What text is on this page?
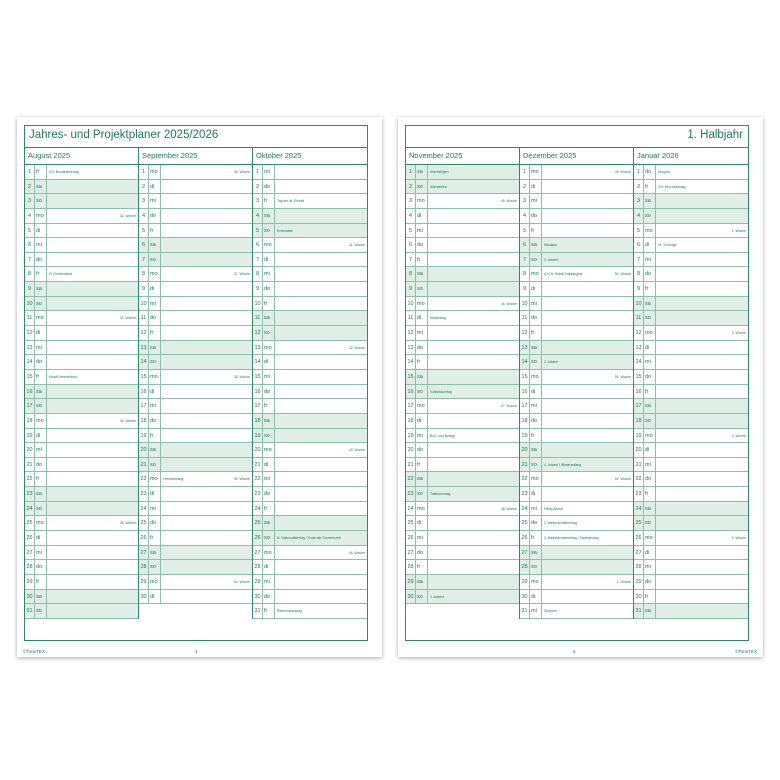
Jahres- und Projektplaner 2025/2026
August 2025
1 fr	CH: Bundesfeiertag
2 sa
3 so
4 mo	32. Woche
5 di
6 mi
7 do
8 fr	D: Friedensfest
9 sa
10 so
11 mo	33. Woche
12 di
13 mi
14 do
15 fr	Mariä Himmelfahrt
16 sa
17 so
18 mo	34. Woche
19 di
20 mi
21 do
22 fr
23 sa
24 so
25 mo	35. Woche
26 di
27 mi
28 do
29 fr
30 sa
31 so
September 2025
1 mo	36. Woche
2 di
3 mi
4 do
5 fr
6 sa
7 so
8 mo	37. Woche
9 di
10 mi
11 do
12 fr
13 sa
14 so
15 mo	38. Woche
16 di
17 mi
18 do
19 fr
20 sa
21 so
22 mo	Herbstanfang	39. Woche
23 di
24 mi
25 do
26 fr
27 sa
28 so
29 mo	40. Woche
30 di
Oktober 2025
1 mi
2 do
3 fr	Tag der dt. Einheit
4 sa
5 so	Erntedank
6 mo	41. Woche
7 di
8 mi
9 do
10 fr
11 sa
12 so
13 mo	42. Woche
14 di
15 mi
16 do
17 fr
18 sa
19 so
20 mo	43. Woche
21 di
22 mi
23 do
24 fr
25 sa
26 so	A: Nationalfeiertag / Ende der Sommerzeit
27 mo	44. Woche
28 di
29 mi
30 do
31 fr	Reformationstag
©TimeTEX	4
1. Halbjahr
November 2025
1 sa	Allerheiligen
2 so	Allerseelen
3 mo	45. Woche
4 di
5 mi
6 do
7 fr
8 sa
9 so
10 mo	46. Woche
11 di	Martinstag
12 mi
13 do
14 fr
15 sa
16 so	Volkstrauertag
17 mo	47. Woche
18 di
19 mi	Buß- und Bettag
20 do
21 fr
22 sa
23 so	Totensonntag
24 mo	48. Woche
25 di
26 mi
27 do
28 fr
29 sa
30 so	1. Advent
Dezember 2025
1 mo	49. Woche
2 di
3 mi
4 do
5 fr
6 sa	Nikolaus
7 so	2. Advent
8 mo	A+CH: Mariä Empfängnis	50. Woche
9 di
10 mi
11 do
12 fr
13 sa
14 so	3. Advent
15 mo	51. Woche
16 di
17 mi
18 do
19 fr
20 sa
21 so	4. Advent / Winteranfang
22 mo	52. Woche
23 di
24 mi	Heilig Abend
25 do	1. Weihnachtsfeiertag
26 fr	2. Weihnachtsfeiertag / Stephanstag
27 sa
28 so
29 mo	1. Woche
30 di
31 mi	Silvester
Januar 2026
1 do	Neujahr
2 fr	CH: Berchtoldstag
3 sa
4 so
5 mo	2. Woche
6 di	Hl. 3 Könige
7 mi
8 do
9 fr
10 sa
11 so
12 mo	3. Woche
13 di
14 mi
15 do
16 fr
17 sa
18 so
19 mo	4. Woche
20 di
21 mi
22 do
23 fr
24 sa
25 so
26 mo	5. Woche
27 di
28 mi
29 do
30 fr
31 sa
5	©TimeTEX
